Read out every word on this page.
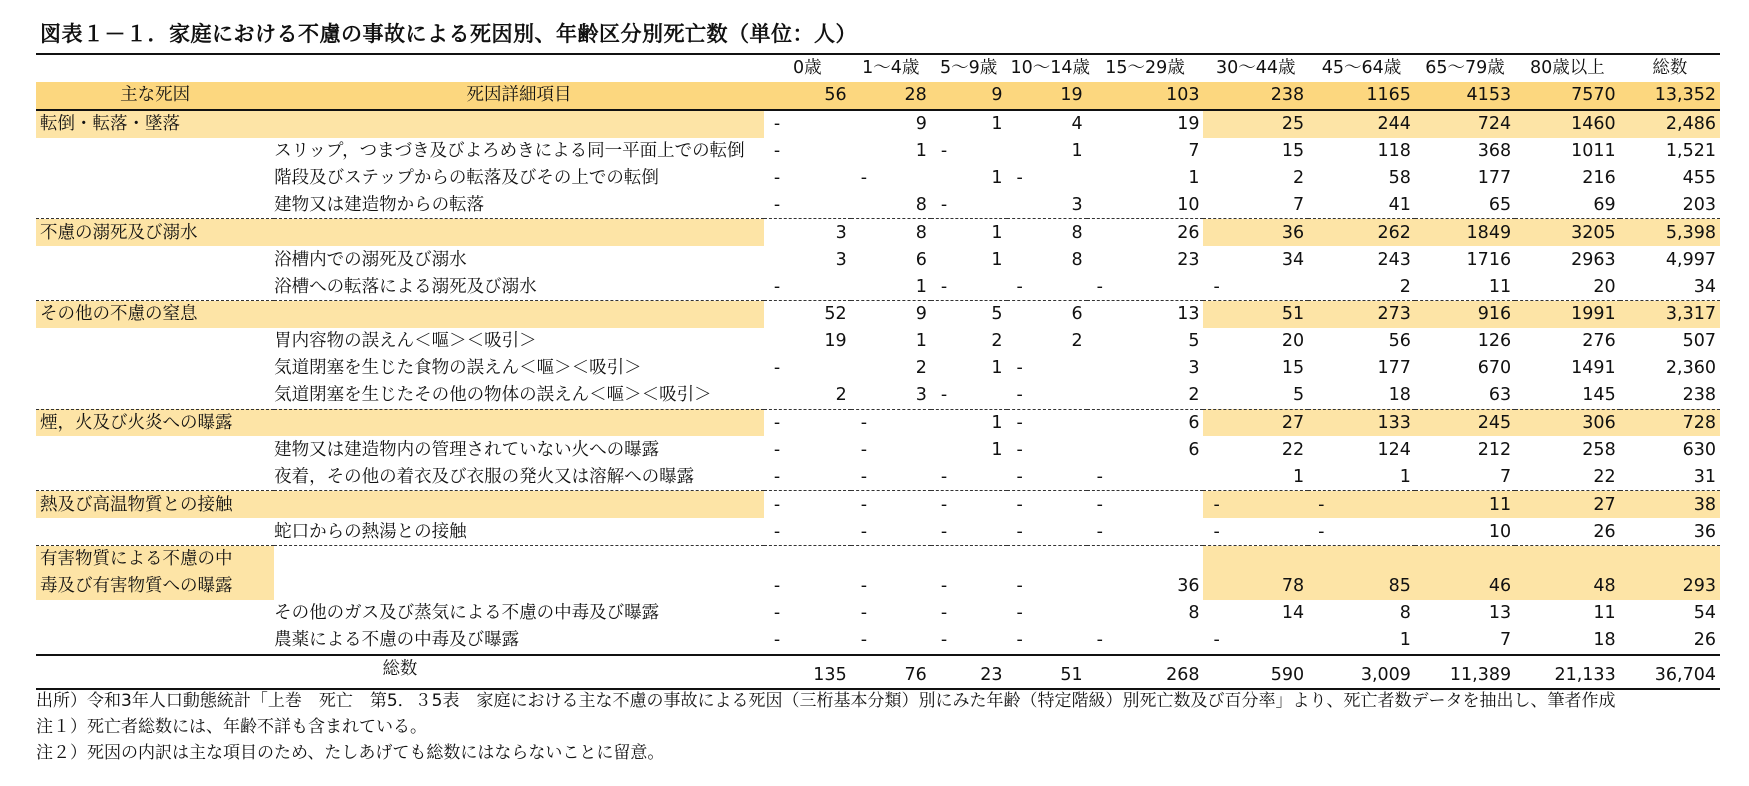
図表１－１．家庭における不慮の事故による死因別、年齢区分別死亡数（単位：人）
		0歳	1～4歳	5～9歳	10～14歳	15～29歳	30～44歳	45～64歳	65～79歳	80歳以上	総数
主な死因	死因詳細項目	56	28	9	19	103	238	1165	4153	7570	13,352
転倒・転落・墜落		-	9	1	4	19	25	244	724	1460	2,486
	スリップ，つまづき及びよろめきによる同一平面上での転倒	-	1	-	1	7	15	118	368	1011	1,521
	階段及びステップからの転落及びその上での転倒	-	-	1	-	1	2	58	177	216	455
	建物又は建造物からの転落	-	8	-	3	10	7	41	65	69	203
不慮の溺死及び溺水		3	8	1	8	26	36	262	1849	3205	5,398
	浴槽内での溺死及び溺水	3	6	1	8	23	34	243	1716	2963	4,997
	浴槽への転落による溺死及び溺水	-	1	-	-	-	-	2	11	20	34
その他の不慮の窒息		52	9	5	6	13	51	273	916	1991	3,317
	胃内容物の誤えん＜嘔＞＜吸引＞	19	1	2	2	5	20	56	126	276	507
	気道閉塞を生じた食物の誤えん＜嘔＞＜吸引＞	-	2	1	-	3	15	177	670	1491	2,360
	気道閉塞を生じたその他の物体の誤えん＜嘔＞＜吸引＞	2	3	-	-	2	5	18	63	145	238
煙，火及び火炎への曝露		-	-	1	-	6	27	133	245	306	728
	建物又は建造物内の管理されていない火への曝露	-	-	1	-	6	22	124	212	258	630
	夜着，その他の着衣及び衣服の発火又は溶解への曝露	-	-	-	-	-	1	1	7	22	31
熱及び高温物質との接触		-	-	-	-	-	-	-	11	27	38
	蛇口からの熱湯との接触	-	-	-	-	-	-	-	10	26	36
有害物質による不慮の中											
毒及び有害物質への曝露		-	-	-	-	36	78	85	46	48	293
	その他のガス及び蒸気による不慮の中毒及び曝露	-	-	-	-	8	14	8	13	11	54
	農薬による不慮の中毒及び曝露	-	-	-	-	-	-	1	7	18	26
総数		135	76	23	51	268	590	3,009	11,389	21,133	36,704
出所）令和3年人口動態統計「上巻　死亡　第5．３5表　家庭における主な不慮の事故による死因（三桁基本分類）別にみた年齢（特定階級）別死亡数及び百分率」より、死亡者数データを抽出し、筆者作成
注１）死亡者総数には、年齢不詳も含まれている。
注２）死因の内訳は主な項目のため、たしあげても総数にはならないことに留意。
